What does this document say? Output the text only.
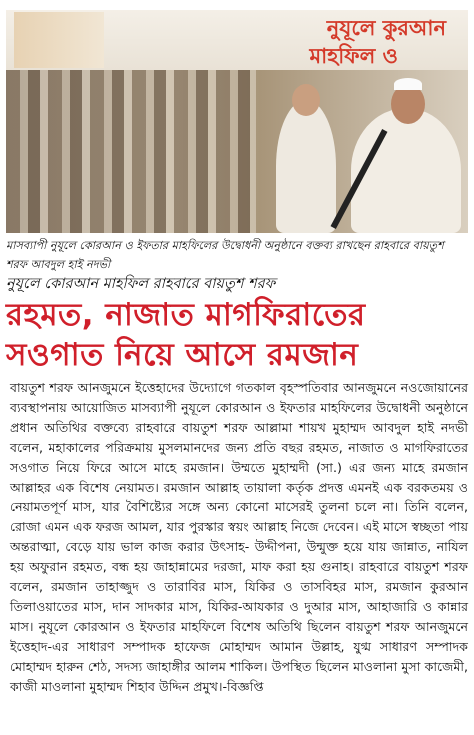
নুযূলে কুরআন
মাহফিল ও
মাসব্যাপী নুযূলে কোরআন ও ইফতার মাহফিলের উদ্বোধনী অনুষ্ঠানে বক্তব্য রাখছেন রাহবারে বায়তুশ শরফ আবদুল হাই নদভী
নুযূলে কোরআন মাহফিল রাহবারে বায়তুশ শরফ
রহমত, নাজাত মাগফিরাতের সওগাত নিয়ে আসে রমজান
বায়তুশ শরফ আনজুমনে ইত্তেহাদের উদ্যোগে গতকাল বৃহস্পতিবার আনজুমনে নওজোয়ানের ব্যবস্থাপনায় আয়োজিত মাসব্যাপী নুযূলে কোরআন ও ইফতার মাহফিলের উদ্বোধনী অনুষ্ঠানে প্রধান অতিথির বক্তব্যে রাহবারে বায়তুশ শরফ আল্লামা শায়খ মুহাম্মদ আবদুল হাই নদভী বলেন, মহাকালের পরিক্রমায় মুসলমানদের জন্য প্রতি বছর রহমত, নাজাত ও মাগফিরাতের সওগাত নিয়ে ফিরে আসে মাহে রমজান। উম্মতে মুহাম্মদী (সা.) এর জন্য মাহে রমজান আল্লাহর এক বিশেষ নেয়ামত। রমজান আল্লাহ তায়ালা কর্তৃক প্রদত্ত এমনই এক বরকতময় ও নেয়ামতপূর্ণ মাস, যার বৈশিষ্ট্যের সঙ্গে অন্য কোনো মাসেরই তুলনা চলে না। তিনি বলেন, রোজা এমন এক ফরজ আমল, যার পুরস্কার স্বয়ং আল্লাহ নিজে দেবেন। এই মাসে স্বচ্ছতা পায় অন্তরাত্মা, বেড়ে যায় ভাল কাজ করার উৎসাহ- উদ্দীপনা, উন্মুক্ত হয়ে যায় জান্নাত, নাযিল হয় অফুরান রহমত, বন্ধ হয় জাহান্নামের দরজা, মাফ করা হয় গুনাহ। রাহবারে বায়তুশ শরফ বলেন, রমজান তাহাজ্জুদ ও তারাবির মাস, যিকির ও তাসবিহর মাস, রমজান কুরআন তিলাওয়াতের মাস, দান সাদকার মাস, যিকির-আযকার ও দুআর মাস, আহাজারি ও কান্নার মাস। নুযূলে কোরআন ও ইফতার মাহফিলে বিশেষ অতিথি ছিলেন বায়তুশ শরফ আনজুমনে ইত্তেহাদ-এর সাধারণ সম্পাদক হাফেজ মোহাম্মদ আমান উল্লাহ, যুগ্ম সাধারণ সম্পাদক মোহাম্মদ হারুন শেঠ, সদস্য জাহাঙ্গীর আলম শাকিল। উপস্থিত ছিলেন মাওলানা মুসা কাজেমী, কাজী মাওলানা মুহাম্মদ শিহাব উদ্দিন প্রমুখ।-বিজ্ঞপ্তি
